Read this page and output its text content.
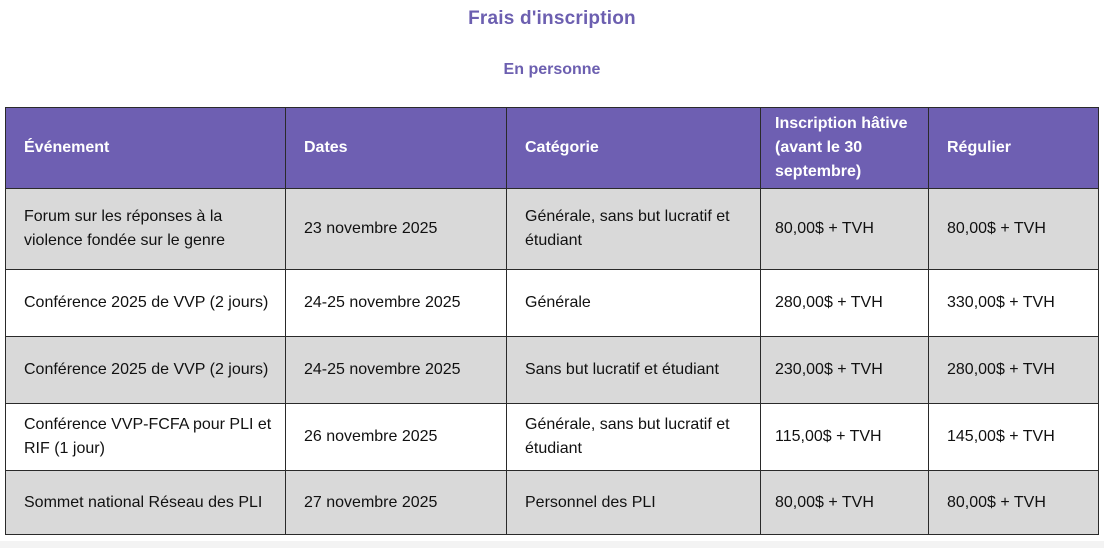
Frais d'inscription
En personne
Événement	Dates	Catégorie	Inscription hâtive (avant le 30 septembre)	Régulier
Forum sur les réponses à la violence fondée sur le genre	23 novembre 2025	Générale, sans but lucratif et étudiant	80,00$ + TVH	80,00$ + TVH
Conférence 2025 de VVP (2 jours)	24-25 novembre 2025	Générale	280,00$ + TVH	330,00$ + TVH
Conférence 2025 de VVP (2 jours)	24-25 novembre 2025	Sans but lucratif et étudiant	230,00$ + TVH	280,00$ + TVH
Conférence VVP-FCFA pour PLI et RIF (1 jour)	26 novembre 2025	Générale, sans but lucratif et étudiant	115,00$ + TVH	145,00$ + TVH
Sommet national Réseau des PLI	27 novembre 2025	Personnel des PLI	80,00$ + TVH	80,00$ + TVH
